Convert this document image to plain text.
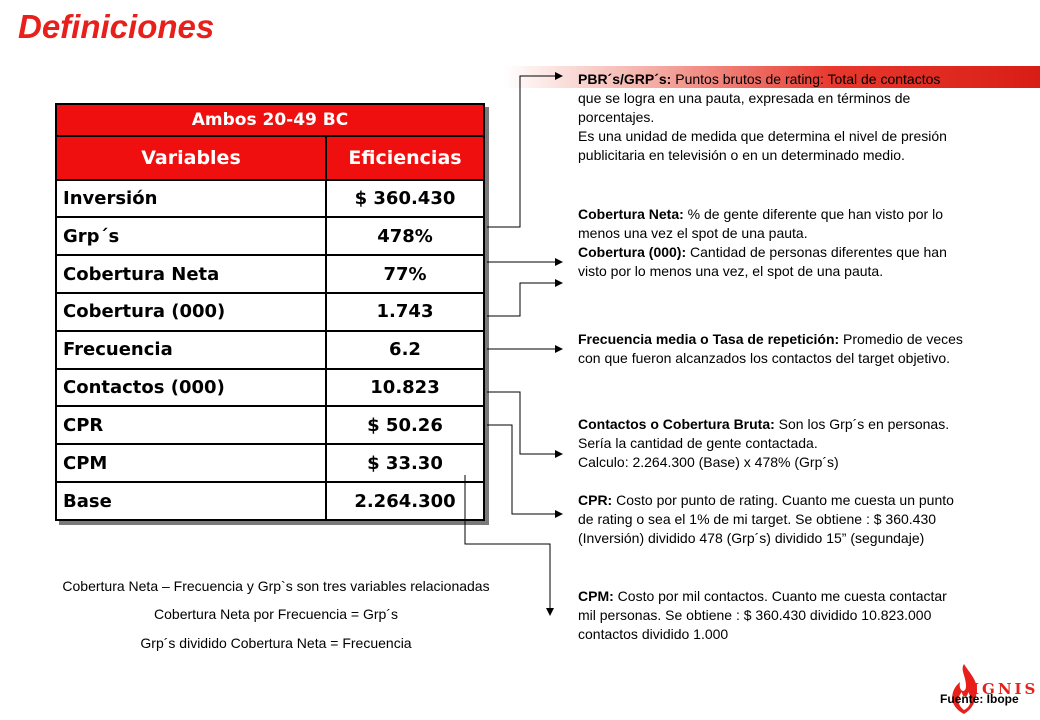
Definiciones
Ambos 20-49 BC	
Variables	Eficiencias
Inversión	$ 360.430
Grp´s	478%
Cobertura Neta	77%
Cobertura (000)	1.743
Frecuencia	6.2
Contactos (000)	10.823
CPR	$ 50.26
CPM	$ 33.30
Base	2.264.300
PBR´s/GRP´s: Puntos brutos de rating: Total de contactos que se logra en una pauta, expresada en términos de porcentajes.
Es una unidad de medida que determina el nivel de presión publicitaria en televisión o en un determinado medio.
Cobertura Neta: % de gente diferente que han visto por lo menos una vez el spot de una pauta.
Cobertura (000): Cantidad de personas diferentes que han visto por lo menos una vez, el spot de una pauta.
Frecuencia media o Tasa de repetición: Promedio de veces con que fueron alcanzados los contactos del target objetivo.
Contactos o Cobertura Bruta: Son los Grp´s en personas. Sería la cantidad de gente contactada.
Calculo: 2.264.300 (Base) x 478% (Grp´s)
CPR: Costo por punto de rating. Cuanto me cuesta un punto de rating o sea el 1% de mi target. Se obtiene : $ 360.430 (Inversión) dividido 478 (Grp´s) dividido 15” (segundaje)
CPM: Costo por mil contactos. Cuanto me cuesta contactar mil personas. Se obtiene : $ 360.430 dividido 10.823.000 contactos dividido 1.000
Cobertura Neta – Frecuencia y Grp`s son tres variables relacionadas
Cobertura Neta por Frecuencia = Grp´s
Grp´s dividido Cobertura Neta = Frecuencia
IGNIS
Fuente: Ibope
